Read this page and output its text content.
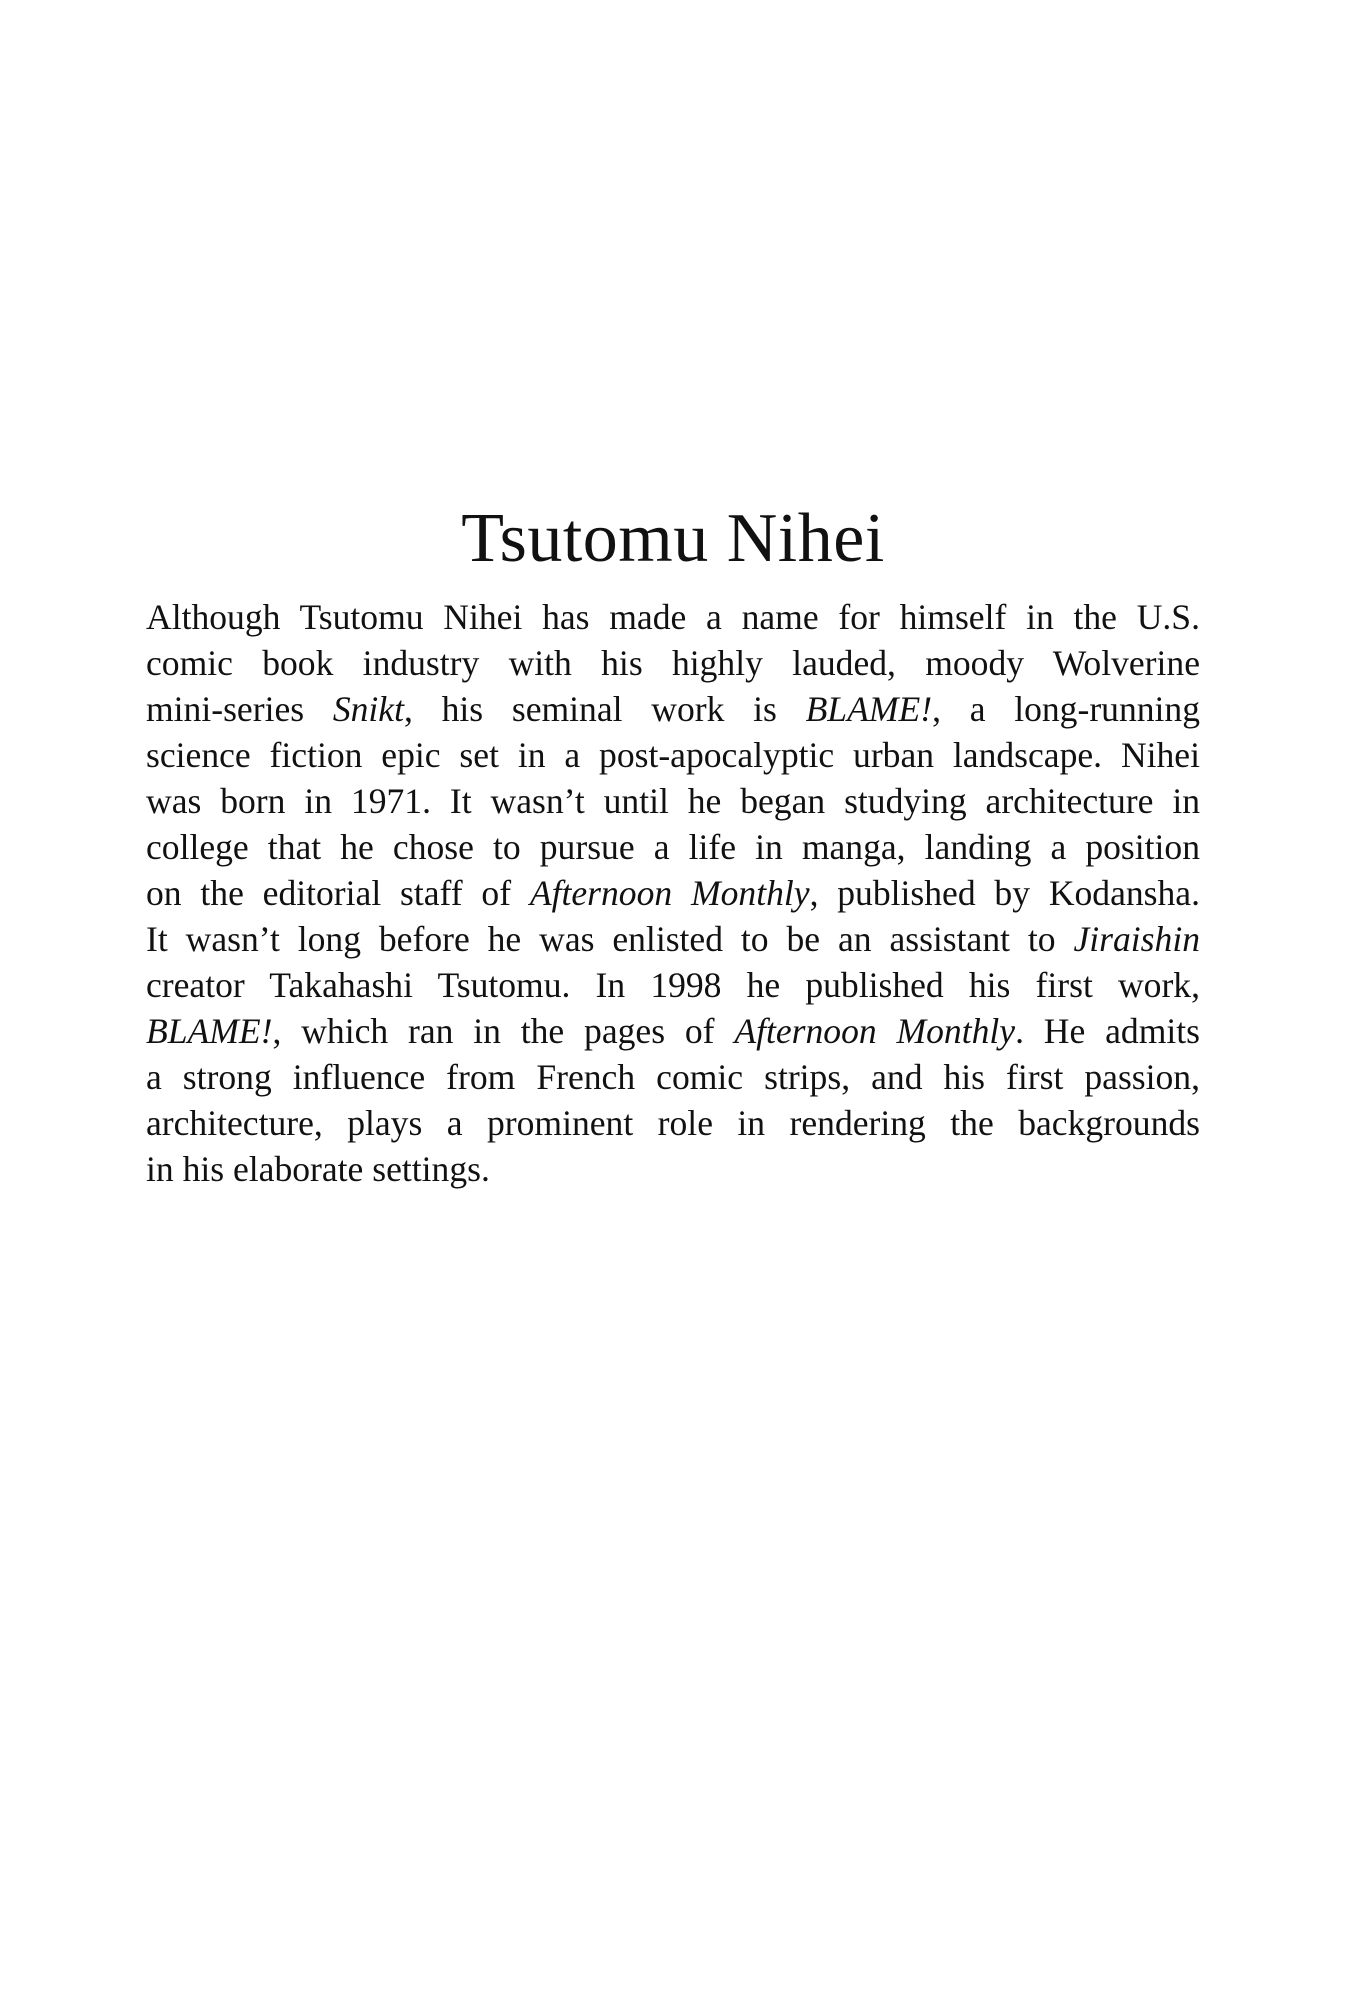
Tsutomu Nihei
Although Tsutomu Nihei has made a name for himself in the U.S.
comic book industry with his highly lauded, moody Wolverine
mini-series Snikt, his seminal work is BLAME!, a long-running
science fiction epic set in a post-apocalyptic urban landscape. Nihei
was born in 1971. It wasn’t until he began studying architecture in
college that he chose to pursue a life in manga, landing a position
on the editorial staff of Afternoon Monthly, published by Kodansha.
It wasn’t long before he was enlisted to be an assistant to Jiraishin
creator Takahashi Tsutomu. In 1998 he published his first work,
BLAME!, which ran in the pages of Afternoon Monthly. He admits
a strong influence from French comic strips, and his first passion,
architecture, plays a prominent role in rendering the backgrounds
in his elaborate settings.
